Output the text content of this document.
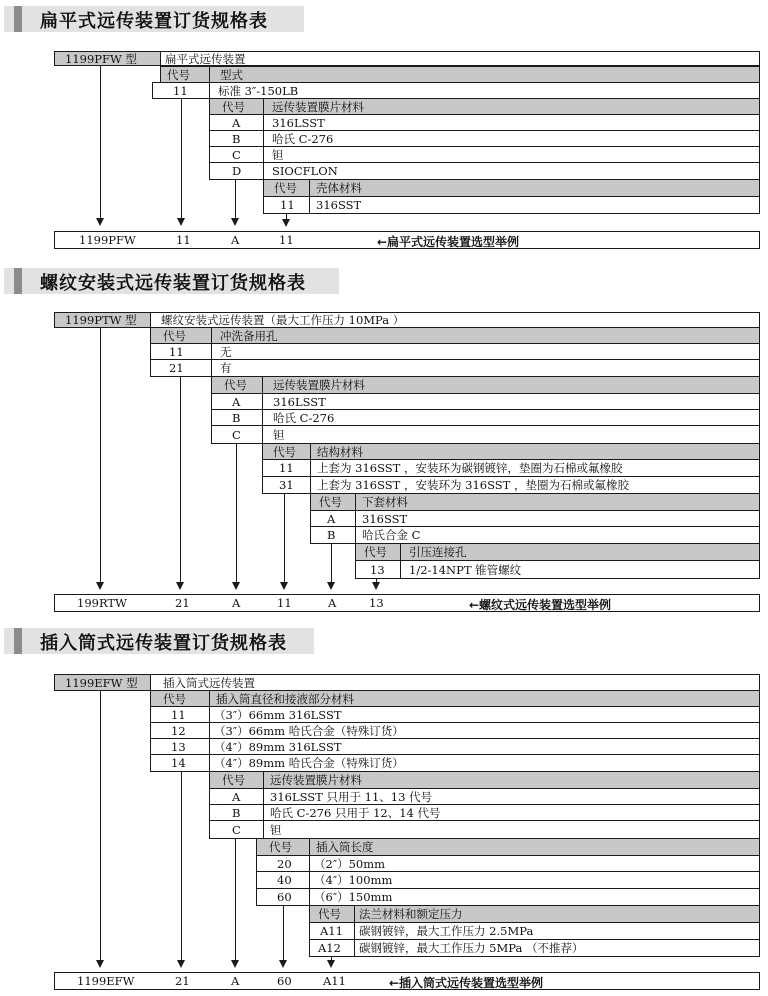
扁平式远传装置订货规格表
1199PFW 型 扁平式远传装置
代号	型式
11	标准 3″-150LB
代号 远传装置膜片材料
A	316LSST
B	哈氏 C-276
C	钽
D	SIOCFLON
代号 壳体材料
11 316SST
1199PFW	11	A	11	←扁平式远传装置选型举例
螺纹安装式远传装置订货规格表
1199PTW 型 螺纹安装式远传装置（最大工作压力 10MPa ）
代号	冲洗备用孔
11	无
21	有
代号 远传装置膜片材料
A	316LSST
B	哈氏 C-276
C	钽
代号 结构材料
11 上套为 316SST ，安装环为碳钢镀锌，垫圈为石棉或氟橡胶
31 上套为 316SST ，安装环为 316SST ，垫圈为石棉或氟橡胶
代号 下套材料
A 316SST
B 哈氏合金 C
代号 引压连接孔
13 1/2-14NPT 锥管螺纹
199RTW	21	A	11	A	13	←螺纹式远传装置选型举例
插入筒式远传装置订货规格表
1199EFW 型 插入筒式远传装置
代号	插入筒直径和接液部分材料
11 （3″）66mm 316LSST
12 （3″）66mm 哈氏合金（特殊订货）
13 （4″）89mm 316LSST
14 （4″）89mm 哈氏合金（特殊订货）
代号 远传装置膜片材料
A	316LSST 只用于 11、13 代号
B	哈氏 C-276 只用于 12、14 代号
C	钽
代号 插入筒长度
20 （2″）50mm
40 （4″）100mm
60 （6″）150mm
代号 法兰材料和额定压力
A11 碳钢镀锌，最大工作压力 2.5MPa
A12 碳钢镀锌，最大工作压力 5MPa （不推荐）
1199EFW	21	A	60	A11	←插入筒式远传装置选型举例
